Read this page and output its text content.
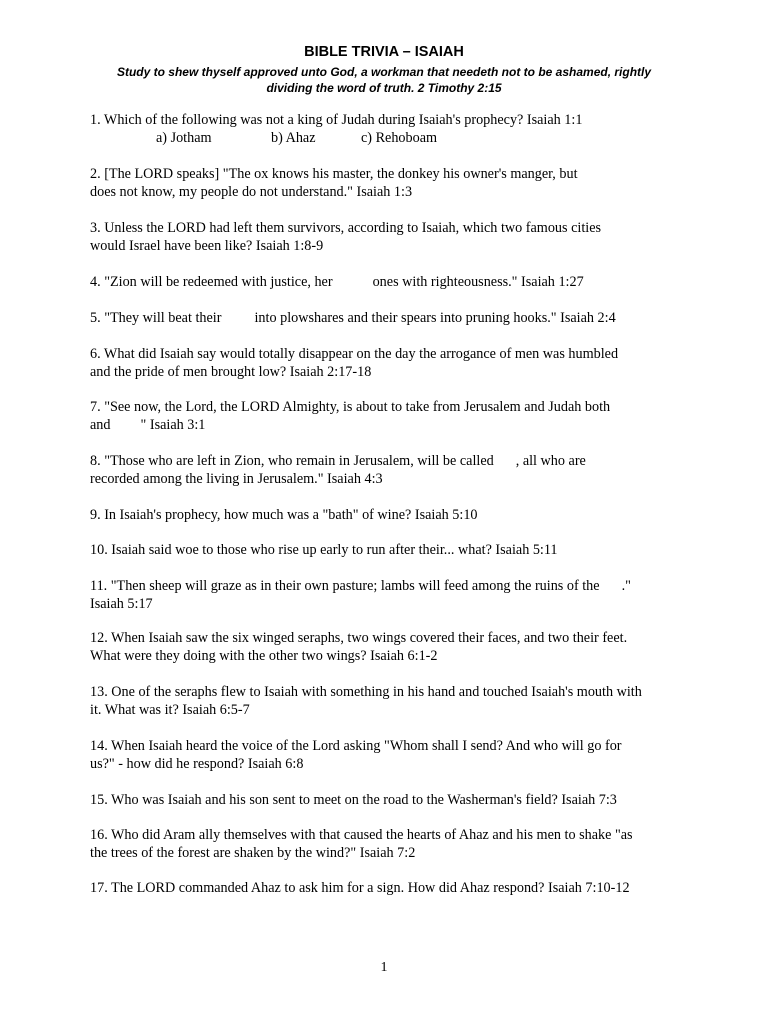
BIBLE TRIVIA – ISAIAH
Study to shew thyself approved unto God, a workman that needeth not to be ashamed, rightly
dividing the word of truth. 2 Timothy 2:15
1. Which of the following was not a king of Judah during Isaiah's prophecy? Isaiah 1:1
a) Jotham	b) Ahaz	c) Rehoboam
2. [The LORD speaks] "The ox knows his master, the donkey his owner's manger, but
does not know, my people do not understand." Isaiah 1:3
3. Unless the LORD had left them survivors, according to Isaiah, which two famous cities
would Israel have been like? Isaiah 1:8-9
4. "Zion will be redeemed with justice, her	ones with righteousness." Isaiah 1:27
5. "They will beat their into plowshares and their spears into pruning hooks." Isaiah 2:4
6. What did Isaiah say would totally disappear on the day the arrogance of men was humbled
and the pride of men brought low? Isaiah 2:17-18
7. "See now, the Lord, the LORD Almighty, is about to take from Jerusalem and Judah both
and " Isaiah 3:1
8. "Those who are left in Zion, who remain in Jerusalem, will be called , all who are
recorded among the living in Jerusalem." Isaiah 4:3
9. In Isaiah's prophecy, how much was a "bath" of wine? Isaiah 5:10
10. Isaiah said woe to those who rise up early to run after their... what? Isaiah 5:11
11. "Then sheep will graze as in their own pasture; lambs will feed among the ruins of the ."
Isaiah 5:17
12. When Isaiah saw the six winged seraphs, two wings covered their faces, and two their feet.
What were they doing with the other two wings? Isaiah 6:1-2
13. One of the seraphs flew to Isaiah with something in his hand and touched Isaiah's mouth with
it. What was it? Isaiah 6:5-7
14. When Isaiah heard the voice of the Lord asking "Whom shall I send? And who will go for
us?" - how did he respond? Isaiah 6:8
15. Who was Isaiah and his son sent to meet on the road to the Washerman's field? Isaiah 7:3
16. Who did Aram ally themselves with that caused the hearts of Ahaz and his men to shake "as
the trees of the forest are shaken by the wind?" Isaiah 7:2
17. The LORD commanded Ahaz to ask him for a sign. How did Ahaz respond? Isaiah 7:10-12
1
